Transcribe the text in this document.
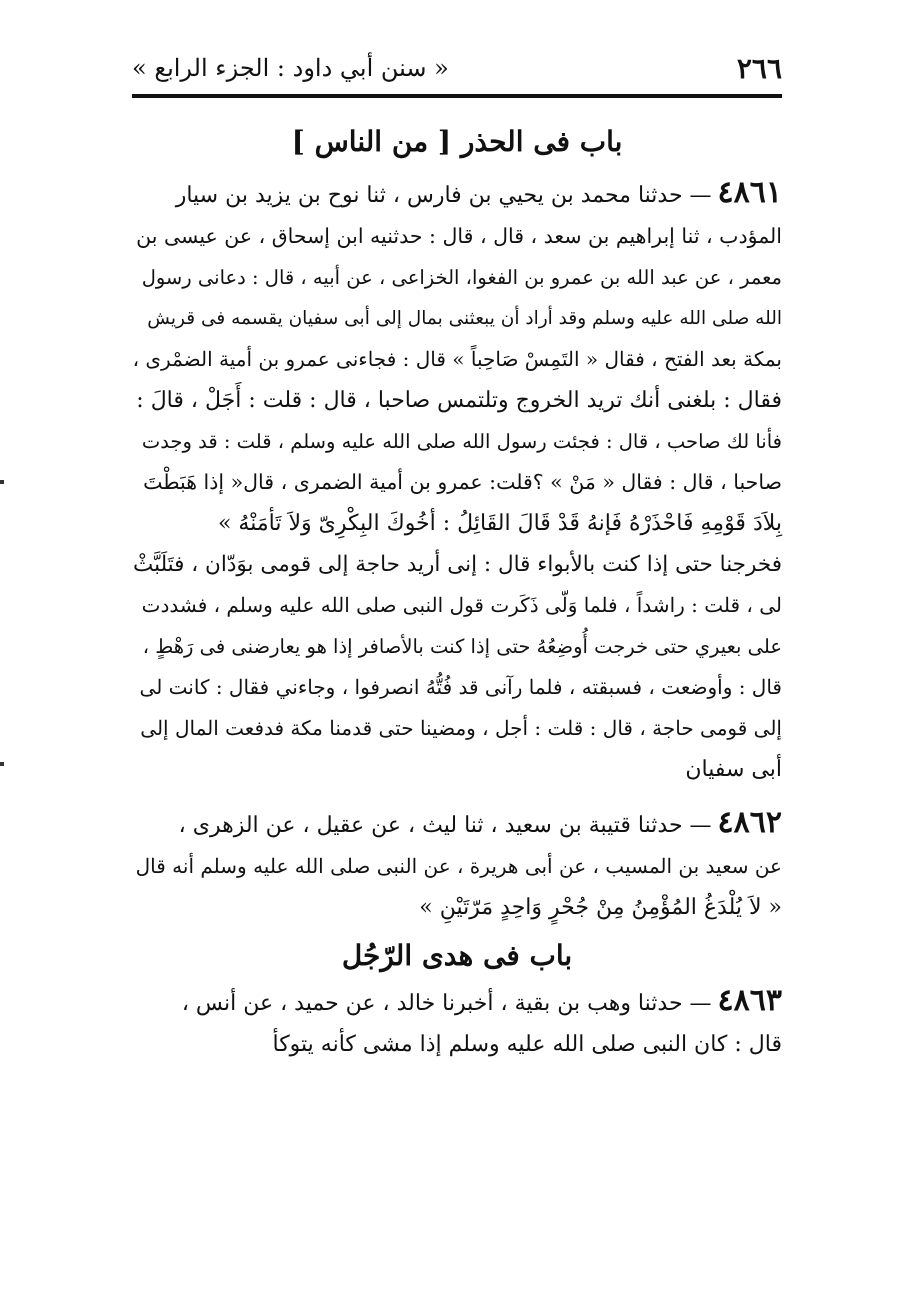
٢٦٦
« سنن أبي داود : الجزء الرابع »
باب فى الحذر [ من الناس ]

٤٨٦١— حدثنا محمد بن يحيي بن فارس ، ثنا نوح بن يزيد بن سيار

المؤدب ، ثنا إبراهيم بن سعد ، قال ، قال : حدثنيه ابن إسحاق ، عن عيسى بن

معمر ، عن عبد الله بن عمرو بن الفغوا، الخزاعى ، عن أبيه ، قال : دعانى رسول

الله صلى الله عليه وسلم وقد أراد أن يبعثنى بمال إلى أبى سفيان يقسمه فى قريش

بمكة بعد الفتح ، فقال « التَمِسْ صَاحِباً » قال : فجاءنى عمرو بن أمية الضمْرى ،

فقال : بلغنى أنك تريد الخروج وتلتمس صاحبا ، قال : قلت : أَجَلْ ، قالَ :

فأنا لك صاحب ، قال : فجئت رسول الله صلى الله عليه وسلم ، قلت : قد وجدت

صاحبا ، قال : فقال « مَنْ » ؟قلت: عمرو بن أمية الضمرى ، قال« إذا هَبَطْتَ

بِلاَدَ قَوْمِهِ فَاحْذَرْهُ فَإنهُ قَدْ قَالَ القَائِلُ : أخُوكَ البِكْرِىّ وَلاَ تَأمَنْهُ »

فخرجنا حتى إذا كنت بالأبواء قال : إنى أريد حاجة إلى قومى بوَدّان ، فتَلَبَّثْ

لى ، قلت : راشداً ، فلما وَلّى ذَكَرت قول النبى صلى الله عليه وسلم ، فشددت

على بعيري حتى خرجت أُوضِعُهُ حتى إذا كنت بالأصافر إذا هو يعارضنى فى رَهْطٍ ،

قال : وأوضعت ، فسبقته ، فلما رآنى قد فُتُّهُ انصرفوا ، وجاءني فقال : كانت لى

إلى قومى حاجة ، قال : قلت : أجل ، ومضينا حتى قدمنا مكة فدفعت المال إلى

أبى سفيان

٤٨٦٢— حدثنا قتيبة بن سعيد ، ثنا ليث ، عن عقيل ، عن الزهرى ،

عن سعيد بن المسيب ، عن أبى هريرة ، عن النبى صلى الله عليه وسلم أنه قال

« لاَ يُلْدَغُ المُؤْمِنُ مِنْ جُحْرٍ وَاحِدٍ مَرّتَيْنِ »

باب فى هدى الرّجُل

٤٨٦٣— حدثنا وهب بن بقية ، أخبرنا خالد ، عن حميد ، عن أنس ،

قال : كان النبى صلى الله عليه وسلم إذا مشى كأنه يتوكأ
